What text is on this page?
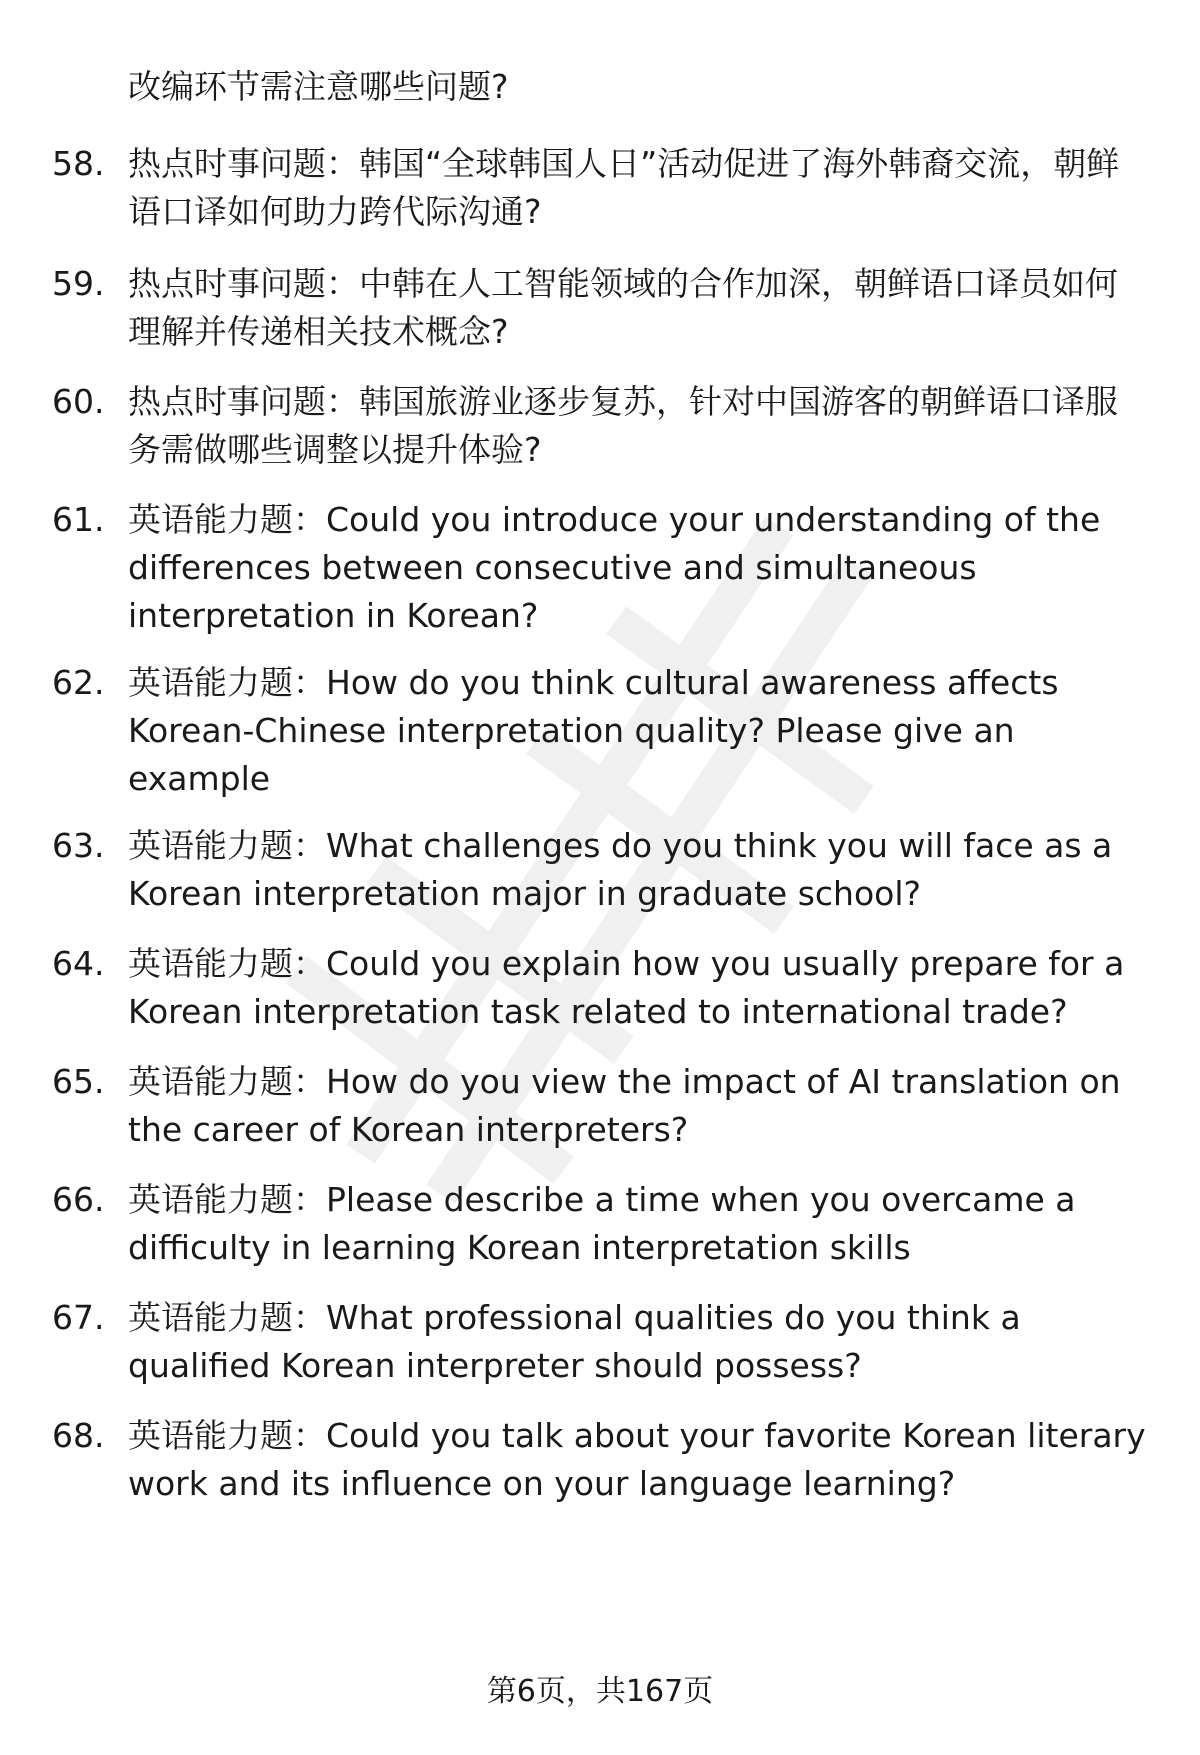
改编环节需注意哪些问题?

58. 热点时事问题：韩国“全球韩国人日”活动促进了海外韩裔交流，朝鲜语口译如何助力跨代际沟通?

59. 热点时事问题：中韩在人工智能领域的合作加深，朝鲜语口译员如何理解并传递相关技术概念?

60. 热点时事问题：韩国旅游业逐步复苏，针对中国游客的朝鲜语口译服务需做哪些调整以提升体验?

61. 英语能力题：Could you introduce your understanding of the differences between consecutive and simultaneous interpretation in Korean?

62. 英语能力题：How do you think cultural awareness affects Korean-Chinese interpretation quality? Please give an example

63. 英语能力题：What challenges do you think you will face as a Korean interpretation major in graduate school?

64. 英语能力题：Could you explain how you usually prepare for a Korean interpretation task related to international trade?

65. 英语能力题：How do you view the impact of AI translation on the career of Korean interpreters?

66. 英语能力题：Please describe a time when you overcame a difficulty in learning Korean interpretation skills

67. 英语能力题：What professional qualities do you think a qualified Korean interpreter should possess?

68. 英语能力题：Could you talk about your favorite Korean literary work and its influence on your language learning?

第6页，共167页
